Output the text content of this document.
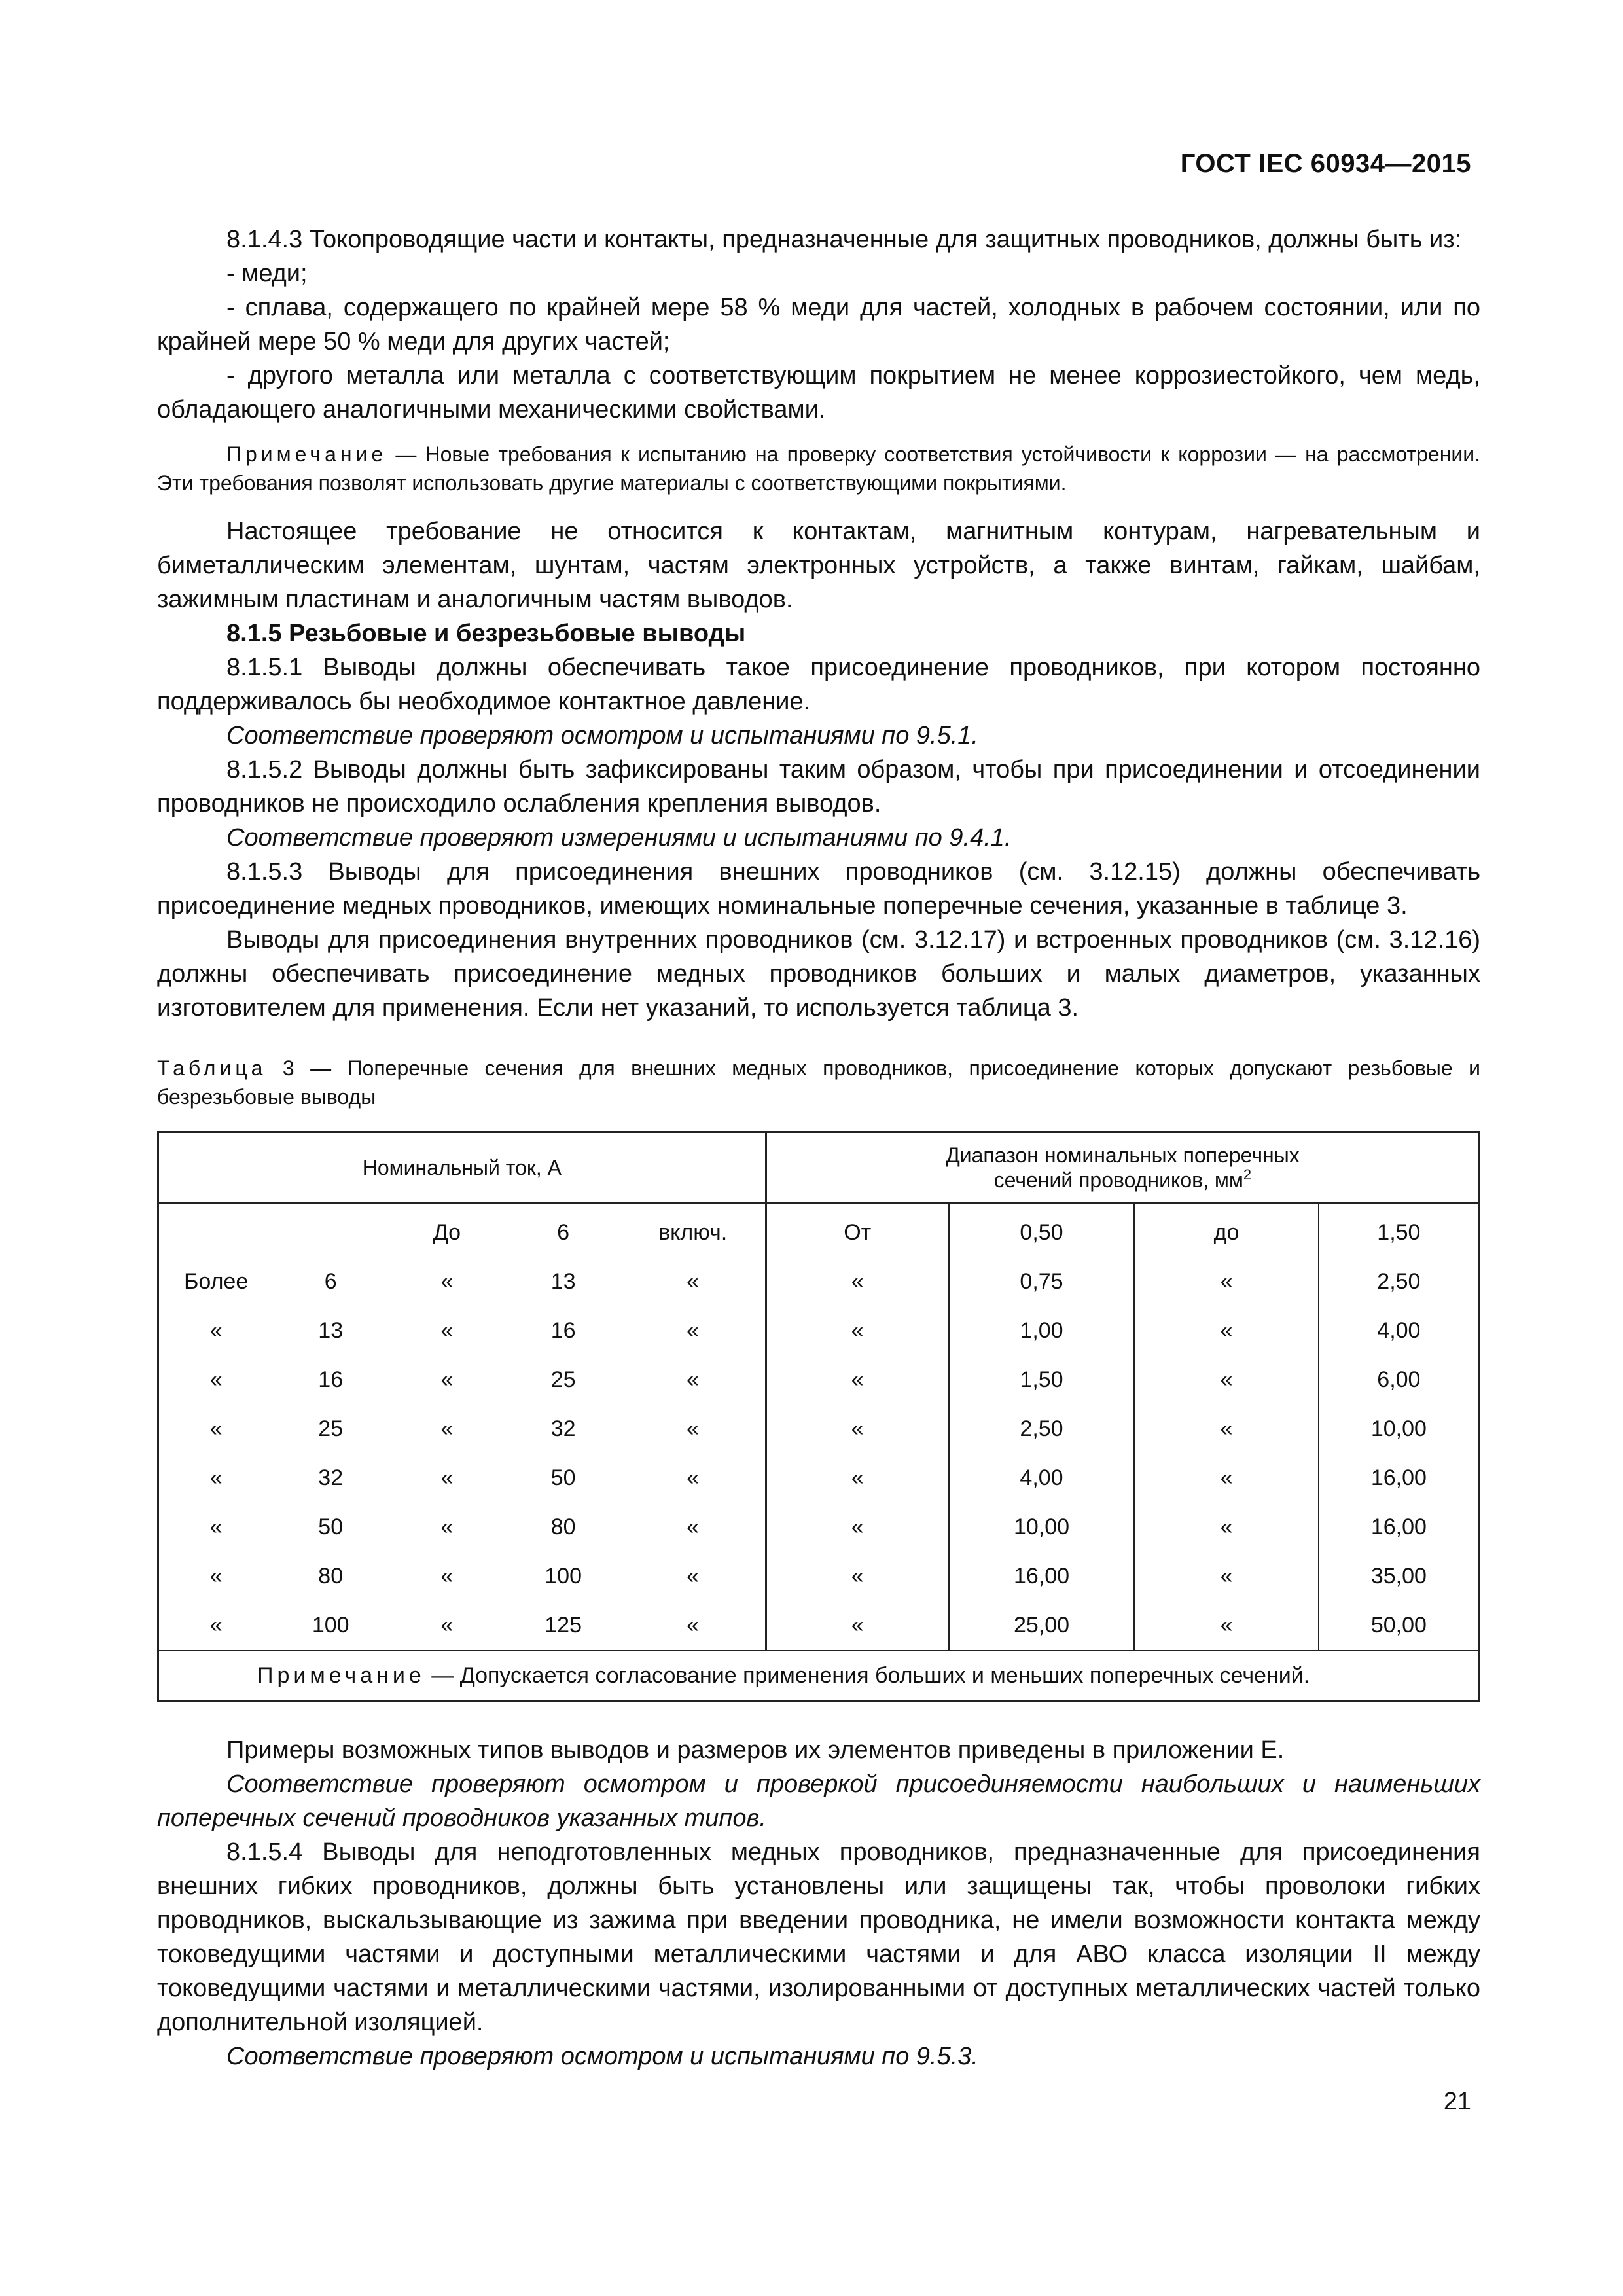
ГОСТ IEC 60934—2015

8.1.4.3 Токопроводящие части и контакты, предназначенные для защитных проводников, должны быть из:

- меди;

- сплава, содержащего по крайней мере 58 % меди для частей, холодных в рабочем состоянии, или по крайней мере 50 % меди для других частей;

- другого металла или металла с соответствующим покрытием не менее коррозиестойкого, чем медь, обладающего аналогичными механическими свойствами.

Примечание — Новые требования к испытанию на проверку соответствия устойчивости к коррозии — на рассмотрении. Эти требования позволят использовать другие материалы с соответствующими покрытиями.

Настоящее требование не относится к контактам, магнитным контурам, нагревательным и биметаллическим элементам, шунтам, частям электронных устройств, а также винтам, гайкам, шайбам, зажимным пластинам и аналогичным частям выводов.

8.1.5 Резьбовые и безрезьбовые выводы

8.1.5.1 Выводы должны обеспечивать такое присоединение проводников, при котором постоянно поддерживалось бы необходимое контактное давление.

Соответствие проверяют осмотром и испытаниями по 9.5.1.

8.1.5.2 Выводы должны быть зафиксированы таким образом, чтобы при присоединении и отсоединении проводников не происходило ослабления крепления выводов.

Соответствие проверяют измерениями и испытаниями по 9.4.1.

8.1.5.3 Выводы для присоединения внешних проводников (см. 3.12.15) должны обеспечивать присоединение медных проводников, имеющих номинальные поперечные сечения, указанные в таблице 3.

Выводы для присоединения внутренних проводников (см. 3.12.17) и встроенных проводников (см. 3.12.16) должны обеспечивать присоединение медных проводников больших и малых диаметров, указанных изготовителем для применения. Если нет указаний, то используется таблица 3.

Таблица 3 — Поперечные сечения для внешних медных проводников, присоединение которых допускают резьбовые и безрезьбовые выводы
Номинальный ток, А					Диапазон номинальных поперечных
сечений проводников, $мм^2$
		До	6	включ.	От	0,50	до	1,50
Более	6	«	13	«	«	0,75	«	2,50
«	13	«	16	«	«	1,00	«	4,00
«	16	«	25	«	«	1,50	«	6,00
«	25	«	32	«	«	2,50	«	10,00
«	32	«	50	«	«	4,00	«	16,00
«	50	«	80	«	«	10,00	«	16,00
«	80	«	100	«	«	16,00	«	35,00
«	100	«	125	«	«	25,00	«	50,00
Примечание — Допускается согласование применения больших и меньших поперечных сечений.								

Примеры возможных типов выводов и размеров их элементов приведены в приложении Е.

Соответствие проверяют осмотром и проверкой присоединяемости наибольших и наименьших поперечных сечений проводников указанных типов.

8.1.5.4 Выводы для неподготовленных медных проводников, предназначенные для присоединения внешних гибких проводников, должны быть установлены или защищены так, чтобы проволоки гибких проводников, выскальзывающие из зажима при введении проводника, не имели возможности контакта между токоведущими частями и доступными металлическими частями и для АВО класса изоляции II между токоведущими частями и металлическими частями, изолированными от доступных металлических частей только дополнительной изоляцией.

Соответствие проверяют осмотром и испытаниями по 9.5.3.

21
